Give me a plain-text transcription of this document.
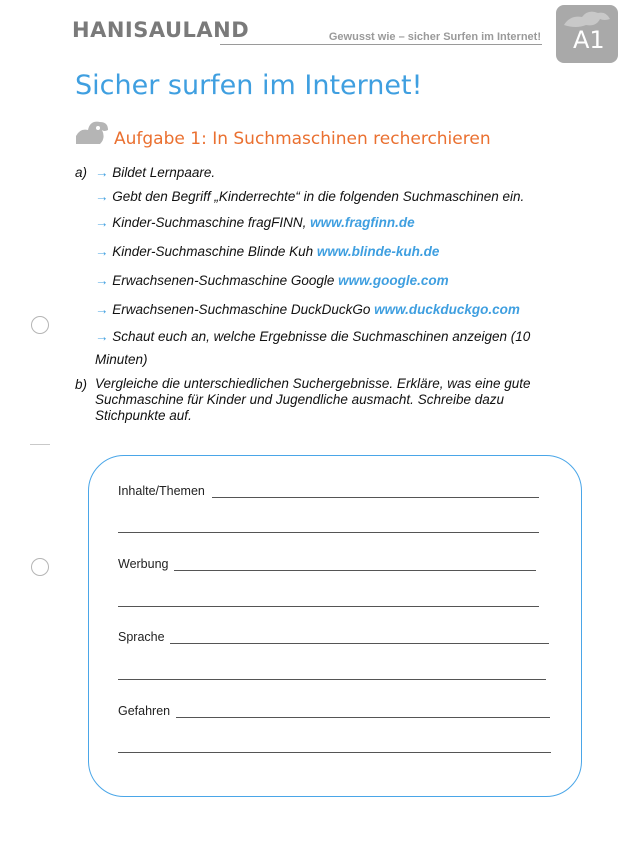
HANISAULAND	Gewusst wie – sicher Surfen im Internet! A1
Sicher surfen im Internet!
Aufgabe 1: In Suchmaschinen recherchieren
a) → Bildet Lernpaare.
→ Gebt den Begriff „Kinderrechte“ in die folgenden Suchmaschinen ein.
→ Kinder-Suchmaschine fragFINN, www.fragfinn.de
→ Kinder-Suchmaschine Blinde Kuh www.blinde-kuh.de
→ Erwachsenen-Suchmaschine Google www.google.com
→ Erwachsenen-Suchmaschine DuckDuckGo www.duckduckgo.com
→ Schaut euch an, welche Ergebnisse die Suchmaschinen anzeigen (10
Minuten)
b) Vergleiche die unterschiedlichen Suchergebnisse. Erkläre, was eine gute Suchmaschine für Kinder und Jugendliche ausmacht. Schreibe dazu Stichpunkte auf.
Inhalte/Themen
Werbung
Sprache
Gefahren
